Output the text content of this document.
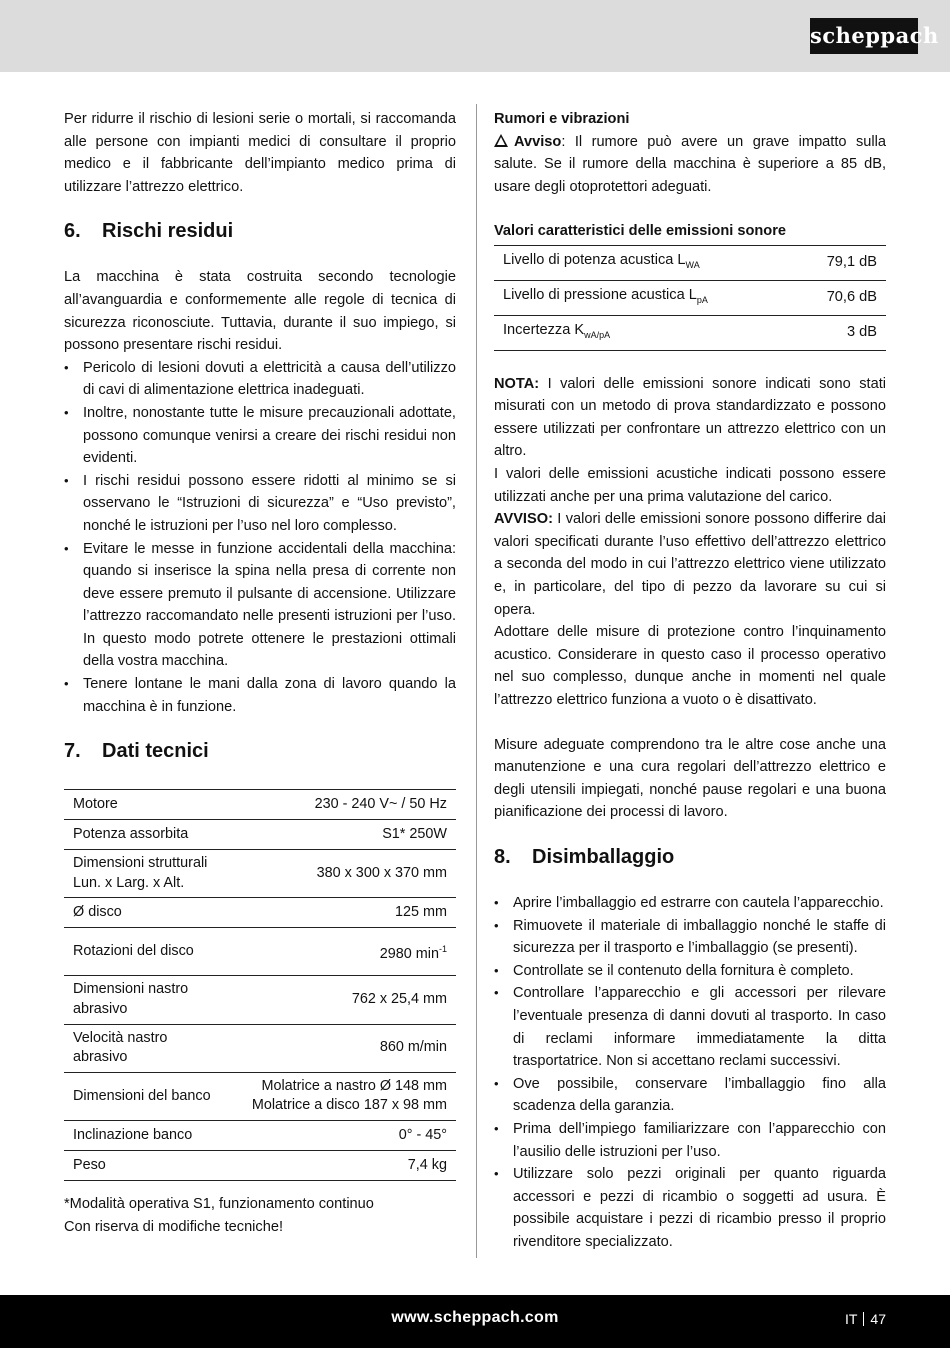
scheppach

Per ridurre il rischio di lesioni serie o mortali, si raccomanda alle persone con impianti medici di consultare il proprio medico e il fabbricante dell’impianto medico prima di utilizzare l’attrezzo elettrico.

6. Rischi residui

La macchina è stata costruita secondo tecnologie all’avanguardia e conformemente alle regole di tecnica di sicurezza riconosciute. Tuttavia, durante il suo impiego, si possono presentare rischi residui.

• Pericolo di lesioni dovuti a elettricità a causa dell’utilizzo di cavi di alimentazione elettrica inadeguati.
• Inoltre, nonostante tutte le misure precauzionali adottate, possono comunque venirsi a creare dei rischi residui non evidenti.
• I rischi residui possono essere ridotti al minimo se si osservano le “Istruzioni di sicurezza” e “Uso previsto”, nonché le istruzioni per l’uso nel loro complesso.
• Evitare le messe in funzione accidentali della macchina: quando si inserisce la spina nella presa di corrente non deve essere premuto il pulsante di accensione. Utilizzare l’attrezzo raccomandato nelle presenti istruzioni per l’uso. In questo modo potrete ottenere le prestazioni ottimali della vostra macchina.
• Tenere lontane le mani dalla zona di lavoro quando la macchina è in funzione.
7. Dati tecnici
Motore	230 - 240 V~ / 50 Hz
Potenza assorbita	S1* 250W
Dimensioni strutturali Lun. x Larg. x Alt.	380 x 300 x 370 mm
Ø disco	125 mm
Rotazioni del disco	2980 $\min^{-1}$
Dimensioni nastro abrasivo	762 x 25,4 mm
Velocità nastro abrasivo	860 m/min
Dimensioni del banco	Molatrice a nastro Ø 148 mm
Molatrice a disco 187 x 98 mm
Inclinazione banco	0° - 45°
Peso	7,4 kg

*Modalità operativa S1, funzionamento continuo

Con riserva di modifiche tecniche!

Rumori e vibrazioni

Avviso: Il rumore può avere un grave impatto sulla salute. Se il rumore della macchina è superiore a 85 dB, usare degli otoprotettori adeguati.

Valori caratteristici delle emissioni sonore

Livello di potenza acustica $L_{WA}$	79,1 dB
Livello di pressione acustica $L_{pA}$	70,6 dB
Incertezza $K_{wA/pA}$	3 dB

NOTA: I valori delle emissioni sonore indicati sono stati misurati con un metodo di prova standardizzato e possono essere utilizzati per confrontare un attrezzo elettrico con un altro.

I valori delle emissioni acustiche indicati possono essere utilizzati anche per una prima valutazione del carico.

AVVISO: I valori delle emissioni sonore possono differire dai valori specificati durante l’uso effettivo dell’attrezzo elettrico a seconda del modo in cui l’attrezzo elettrico viene utilizzato e, in particolare, del tipo di pezzo da lavorare su cui si opera.

Adottare delle misure di protezione contro l’inquinamento acustico. Considerare in questo caso il processo operativo nel suo complesso, dunque anche in momenti nel quale l’attrezzo elettrico funziona a vuoto o è disattivato.

Misure adeguate comprendono tra le altre cose anche una manutenzione e una cura regolari dell’attrezzo elettrico e degli utensili impiegati, nonché pause regolari e una buona pianificazione dei processi di lavoro.

8. Disimballaggio
• Aprire l’imballaggio ed estrarre con cautela l’apparecchio.
• Rimuovete il materiale di imballaggio nonché le staffe di sicurezza per il trasporto e l’imballaggio (se presenti).
• Controllate se il contenuto della fornitura è completo.
• Controllare l’apparecchio e gli accessori per rilevare l’eventuale presenza di danni dovuti al trasporto. In caso di reclami informare immediatamente la ditta trasportatrice. Non si accettano reclami successivi.
• Ove possibile, conservare l’imballaggio fino alla scadenza della garanzia.
• Prima dell’impiego familiarizzare con l’apparecchio con l’ausilio delle istruzioni per l’uso.
• Utilizzare solo pezzi originali per quanto riguarda accessori e pezzi di ricambio o soggetti ad usura. È possibile acquistare i pezzi di ricambio presso il proprio rivenditore specializzato.
www.scheppach.com	IT 47
